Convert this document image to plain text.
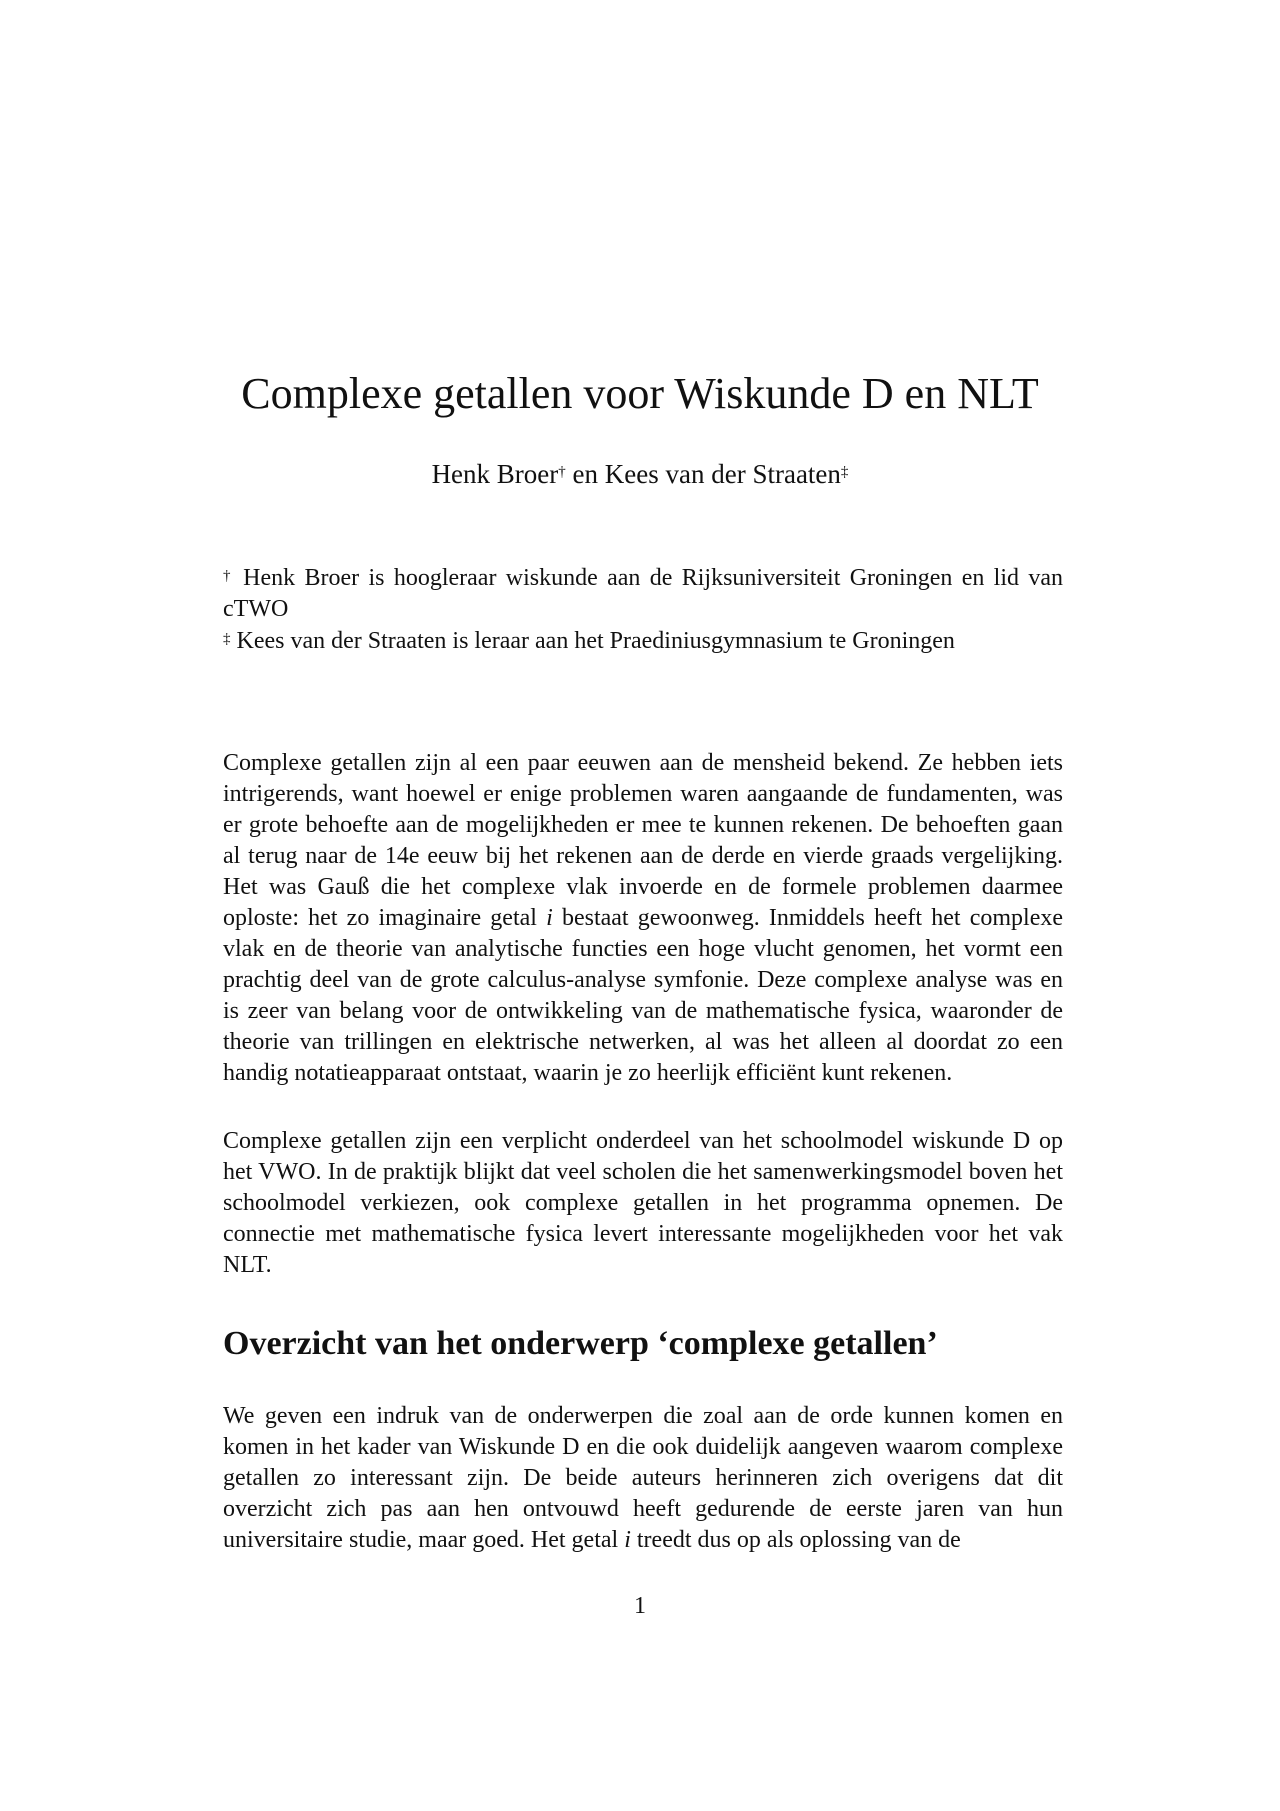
Complexe getallen voor Wiskunde D en NLT
Henk Broer† en Kees van der Straaten‡
† Henk Broer is hoogleraar wiskunde aan de Rijksuniversiteit Groningen en lid van cTWO
‡ Kees van der Straaten is leraar aan het Praediniusgymnasium te Groningen

Complexe getallen zijn al een paar eeuwen aan de mensheid bekend. Ze hebben iets intrigerends, want hoewel er enige problemen waren aangaande de fundamenten, was er grote behoefte aan de mogelijkheden er mee te kunnen rekenen. De behoeften gaan al terug naar de 14e eeuw bij het rekenen aan de derde en vierde graads vergelijking. Het was Gauß die het complexe vlak invoerde en de formele problemen daarmee oploste: het zo imaginaire getal i bestaat gewoonweg. Inmiddels heeft het complexe vlak en de theorie van analytische functies een hoge vlucht genomen, het vormt een prachtig deel van de grote calculus-analyse symfonie. Deze complexe analyse was en is zeer van belang voor de ontwikkeling van de mathematische fysica, waaronder de theorie van trillingen en elektrische netwerken, al was het alleen al doordat zo een handig notatieapparaat ontstaat, waarin je zo heerlijk efficiënt kunt rekenen.

Complexe getallen zijn een verplicht onderdeel van het schoolmodel wiskunde D op het VWO. In de praktijk blijkt dat veel scholen die het samenwerkingsmodel boven het schoolmodel verkiezen, ook complexe getallen in het programma opnemen. De connectie met mathematische fysica levert interessante mogelijkheden voor het vak NLT.

Overzicht van het onderwerp ‘complexe getallen’

We geven een indruk van de onderwerpen die zoal aan de orde kunnen komen en komen in het kader van Wiskunde D en die ook duidelijk aangeven waarom complexe getallen zo interessant zijn. De beide auteurs herinneren zich overigens dat dit overzicht zich pas aan hen ontvouwd heeft gedurende de eerste jaren van hun universitaire studie, maar goed. Het getal i treedt dus op als oplossing van de

1
